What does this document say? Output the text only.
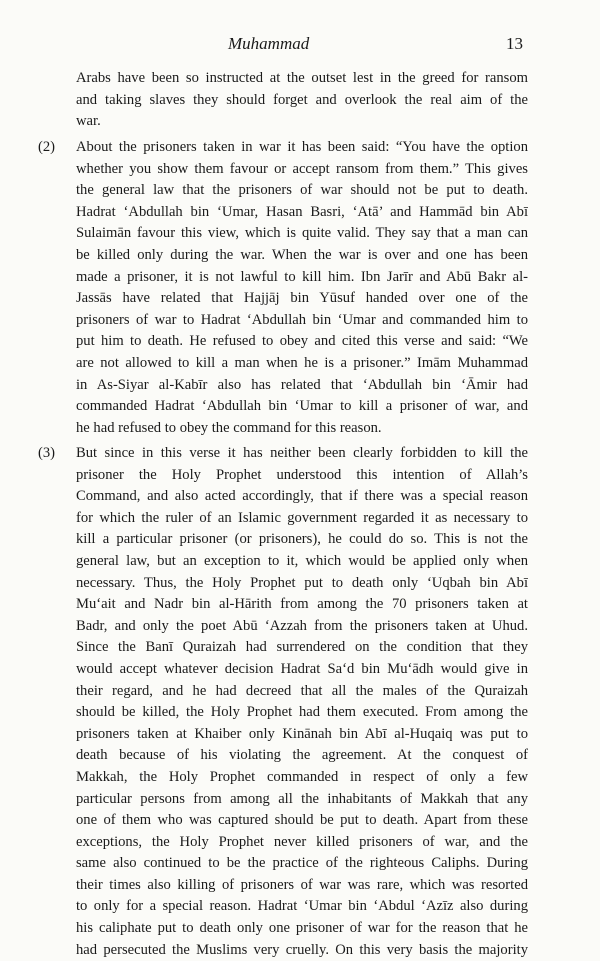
Muhammad	13
Arabs have been so instructed at the outset lest in the greed for ransom
and taking slaves they should forget and overlook the real aim of the
war.
(2) About the prisoners taken in war it has been said: “You have the option
whether you show them favour or accept ransom from them.” This gives
the general law that the prisoners of war should not be put to death.
Hadrat ‘Abdullah bin ‘Umar, Hasan Basri, ‘Atā’ and Hammād bin Abī
Sulaimān favour this view, which is quite valid. They say that a man can
be killed only during the war. When the war is over and one has been
made a prisoner, it is not lawful to kill him. Ibn Jarīr and Abū Bakr al-
Jassās have related that Hajjāj bin Yūsuf handed over one of the
prisoners of war to Hadrat ‘Abdullah bin ‘Umar and commanded him to
put him to death. He refused to obey and cited this verse and said: “We
are not allowed to kill a man when he is a prisoner.” Imām Muhammad
in As-Siyar al-Kabīr also has related that ‘Abdullah bin ‘Āmir had
commanded Hadrat ‘Abdullah bin ‘Umar to kill a prisoner of war, and
he had refused to obey the command for this reason.
(3) But since in this verse it has neither been clearly forbidden to kill the
prisoner the Holy Prophet understood this intention of Allah’s
Command, and also acted accordingly, that if there was a special reason
for which the ruler of an Islamic government regarded it as necessary to
kill a particular prisoner (or prisoners), he could do so. This is not the
general law, but an exception to it, which would be applied only when
necessary. Thus, the Holy Prophet put to death only ‘Uqbah bin Abī
Mu‘ait and Nadr bin al-Hārith from among the 70 prisoners taken at
Badr, and only the poet Abū ‘Azzah from the prisoners taken at Uhud.
Since the Banī Quraizah had surrendered on the condition that they
would accept whatever decision Hadrat Sa‘d bin Mu‘ādh would give in
their regard, and he had decreed that all the males of the Quraizah
should be killed, the Holy Prophet had them executed. From among the
prisoners taken at Khaiber only Kinānah bin Abī al-Huqaiq was put to
death because of his violating the agreement. At the conquest of
Makkah, the Holy Prophet commanded in respect of only a few
particular persons from among all the inhabitants of Makkah that any
one of them who was captured should be put to death. Apart from these
exceptions, the Holy Prophet never killed prisoners of war, and the
same also continued to be the practice of the righteous Caliphs. During
their times also killing of prisoners of war was rare, which was resorted
to only for a special reason. Hadrat ‘Umar bin ‘Abdul ‘Azīz also during
his caliphate put to death only one prisoner of war for the reason that he
had persecuted the Muslims very cruelly. On this very basis the majority
